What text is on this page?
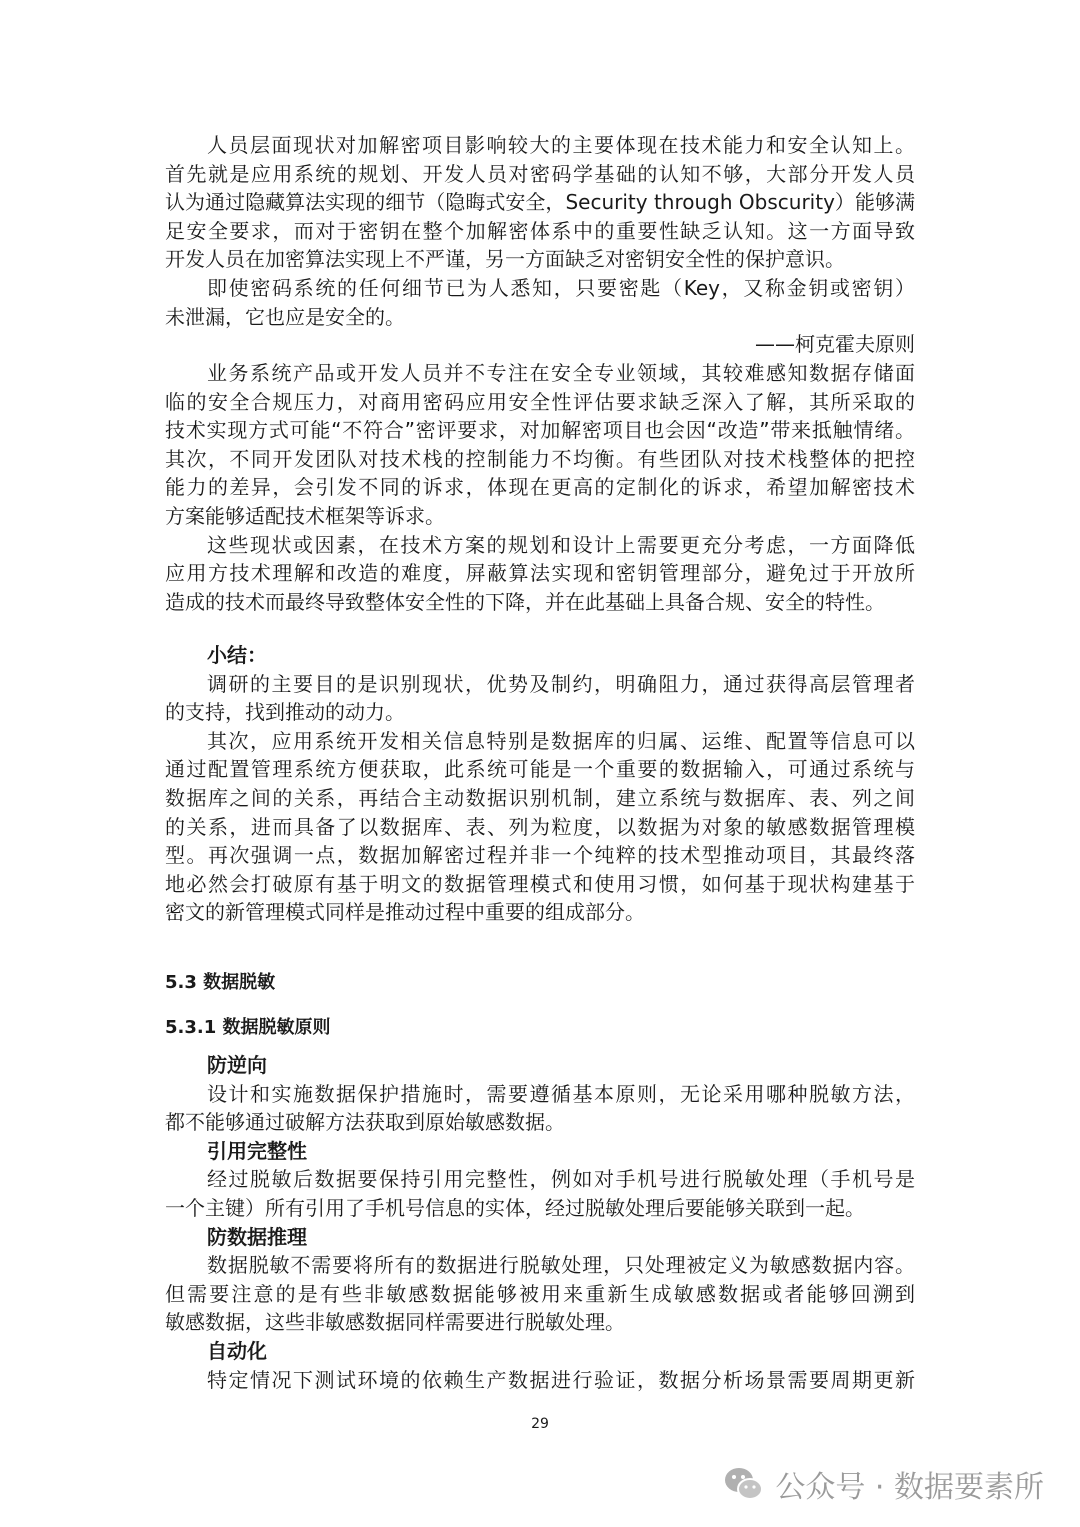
人员层面现状对加解密项目影响较大的主要体现在技术能力和安全认知上。
首先就是应用系统的规划、开发人员对密码学基础的认知不够，大部分开发人员
认为通过隐藏算法实现的细节（隐晦式安全，Security through Obscurity）能够满
足安全要求，而对于密钥在整个加解密体系中的重要性缺乏认知。这一方面导致
开发人员在加密算法实现上不严谨，另一方面缺乏对密钥安全性的保护意识。
即使密码系统的任何细节已为人悉知，只要密匙（Key，又称金钥或密钥）
未泄漏，它也应是安全的。
——柯克霍夫原则
业务系统产品或开发人员并不专注在安全专业领域，其较难感知数据存储面
临的安全合规压力，对商用密码应用安全性评估要求缺乏深入了解，其所采取的
技术实现方式可能“不符合”密评要求，对加解密项目也会因“改造”带来抵触情绪。
其次，不同开发团队对技术栈的控制能力不均衡。有些团队对技术栈整体的把控
能力的差异，会引发不同的诉求，体现在更高的定制化的诉求，希望加解密技术
方案能够适配技术框架等诉求。
这些现状或因素，在技术方案的规划和设计上需要更充分考虑，一方面降低
应用方技术理解和改造的难度，屏蔽算法实现和密钥管理部分，避免过于开放所
造成的技术而最终导致整体安全性的下降，并在此基础上具备合规、安全的特性。
小结：
调研的主要目的是识别现状，优势及制约，明确阻力，通过获得高层管理者
的支持，找到推动的动力。
其次，应用系统开发相关信息特别是数据库的归属、运维、配置等信息可以
通过配置管理系统方便获取，此系统可能是一个重要的数据输入，可通过系统与
数据库之间的关系，再结合主动数据识别机制，建立系统与数据库、表、列之间
的关系，进而具备了以数据库、表、列为粒度，以数据为对象的敏感数据管理模
型。再次强调一点，数据加解密过程并非一个纯粹的技术型推动项目，其最终落
地必然会打破原有基于明文的数据管理模式和使用习惯，如何基于现状构建基于
密文的新管理模式同样是推动过程中重要的组成部分。
5.3 数据脱敏
5.3.1 数据脱敏原则
防逆向
设计和实施数据保护措施时，需要遵循基本原则，无论采用哪种脱敏方法，
都不能够通过破解方法获取到原始敏感数据。
引用完整性
经过脱敏后数据要保持引用完整性，例如对手机号进行脱敏处理（手机号是
一个主键）所有引用了手机号信息的实体，经过脱敏处理后要能够关联到一起。
防数据推理
数据脱敏不需要将所有的数据进行脱敏处理，只处理被定义为敏感数据内容。
但需要注意的是有些非敏感数据能够被用来重新生成敏感数据或者能够回溯到
敏感数据，这些非敏感数据同样需要进行脱敏处理。
自动化
特定情况下测试环境的依赖生产数据进行验证，数据分析场景需要周期更新
29
公众号 · 数据要素所
